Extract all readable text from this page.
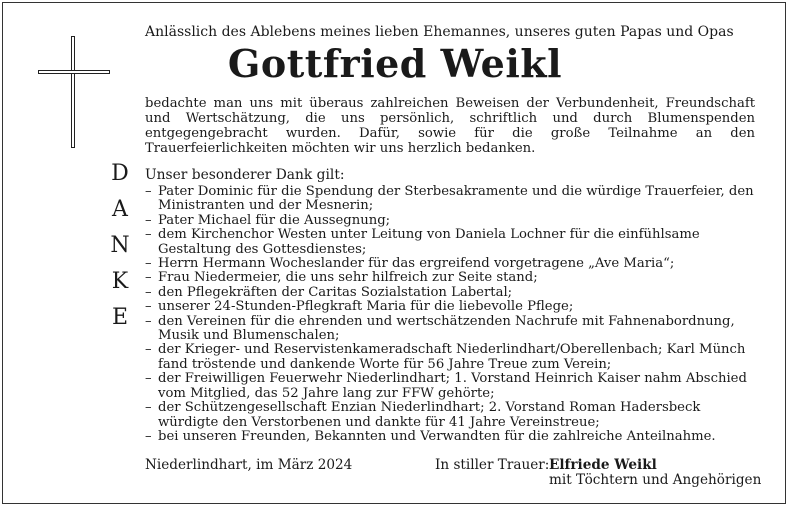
Anlässlich des Ablebens meines lieben Ehemannes, unseres guten Papas und Opas
Gottfried Weikl
bedachte man uns mit überaus zahlreichen Beweisen der Verbundenheit, Freundschaft und Wertschätzung, die uns persönlich, schriftlich und durch Blumenspenden entgegengebracht wurden. Dafür, sowie für die große Teilnahme an den Trauerfeierlichkeiten möchten wir uns herzlich bedanken.
D
A
N
K
E
Unser besonderer Dank gilt:
– Pater Dominic für die Spendung der Sterbesakramente und die würdige Trauerfeier, den Ministranten und der Mesnerin;
– Pater Michael für die Aussegnung;
– dem Kirchenchor Westen unter Leitung von Daniela Lochner für die einfühlsame Gestaltung des Gottesdienstes;
– Herrn Hermann Wocheslander für das ergreifend vorgetragene „Ave Maria“;
– Frau Niedermeier, die uns sehr hilfreich zur Seite stand;
– den Pflegekräften der Caritas Sozialstation Labertal;
– unserer 24-Stunden-Pflegkraft Maria für die liebevolle Pflege;
– den Vereinen für die ehrenden und wertschätzenden Nachrufe mit Fahnenabordnung, Musik und Blumenschalen;
– der Krieger- und Reservistenkameradschaft Niederlindhart/Oberellenbach; Karl Münch fand tröstende und dankende Worte für 56 Jahre Treue zum Verein;
– der Freiwilligen Feuerwehr Niederlindhart; 1. Vorstand Heinrich Kaiser nahm Abschied vom Mitglied, das 52 Jahre lang zur FFW gehörte;
– der Schützengesellschaft Enzian Niederlindhart; 2. Vorstand Roman Hadersbeck würdigte den Verstorbenen und dankte für 41 Jahre Vereinstreue;
– bei unseren Freunden, Bekannten und Verwandten für die zahlreiche Anteilnahme.
Niederlindhart, im März 2024	In stiller Trauer: Elfriede Weikl
mit Töchtern und Angehörigen
